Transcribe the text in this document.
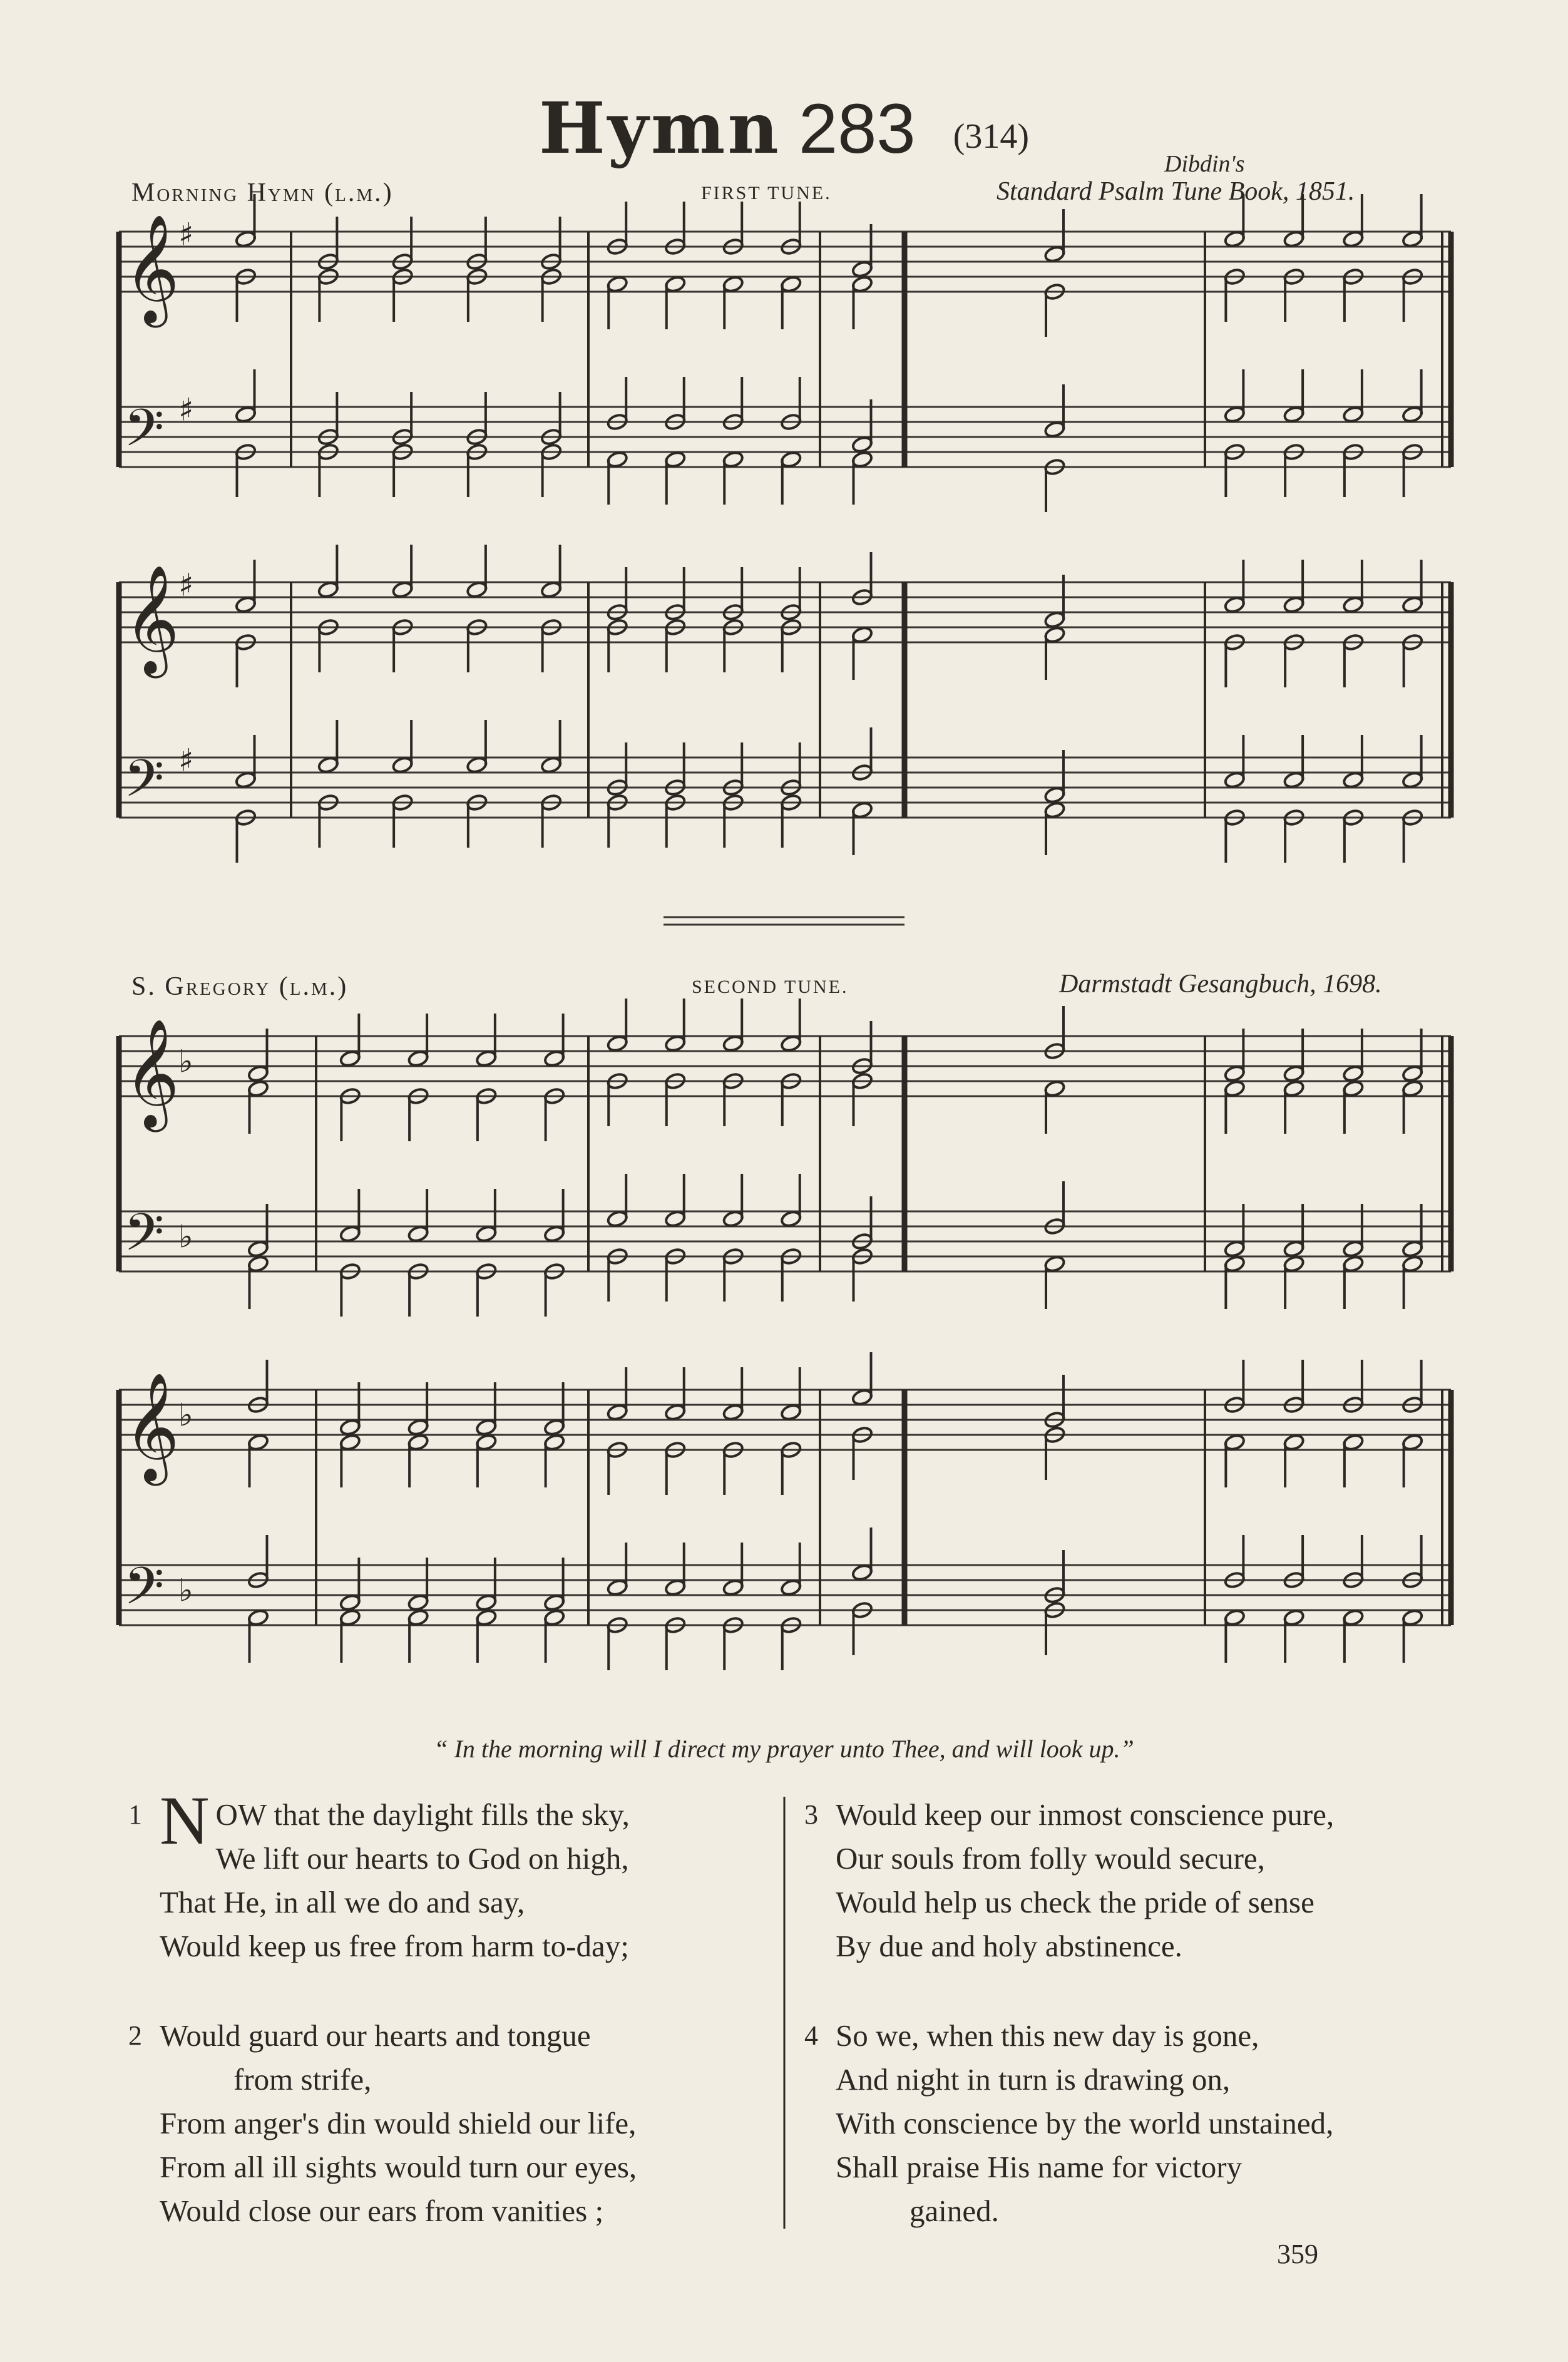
Hymn 283 (314)
Dibdin's
Morning Hymn (l.m.)	FIRST TUNE.	Standard Psalm Tune Book, 1851.
S. Gregory (l.m.)	SECOND TUNE.	Darmstadt Gesangbuch, 1698.
𝄞
♯
𝄢 ♯
𝄞
♯
𝄢 ♯
𝄞
♭
𝄢 ♭
𝄞
♭
𝄢 ♭
“ In the morning will I direct my prayer unto Thee, and will look up.”
1 N OW that the daylight fills the sky,
We lift our hearts to God on high,
That He, in all we do and say,
Would keep us free from harm to-day;
2 Would guard our hearts and tongue
from strife,
From anger's din would shield our life,
From all ill sights would turn our eyes,
Would close our ears from vanities ;
3 Would keep our inmost conscience pure,
Our souls from folly would secure,
Would help us check the pride of sense
By due and holy abstinence.
4 So we, when this new day is gone,
And night in turn is drawing on,
With conscience by the world unstained,
Shall praise His name for victory
gained.
359
